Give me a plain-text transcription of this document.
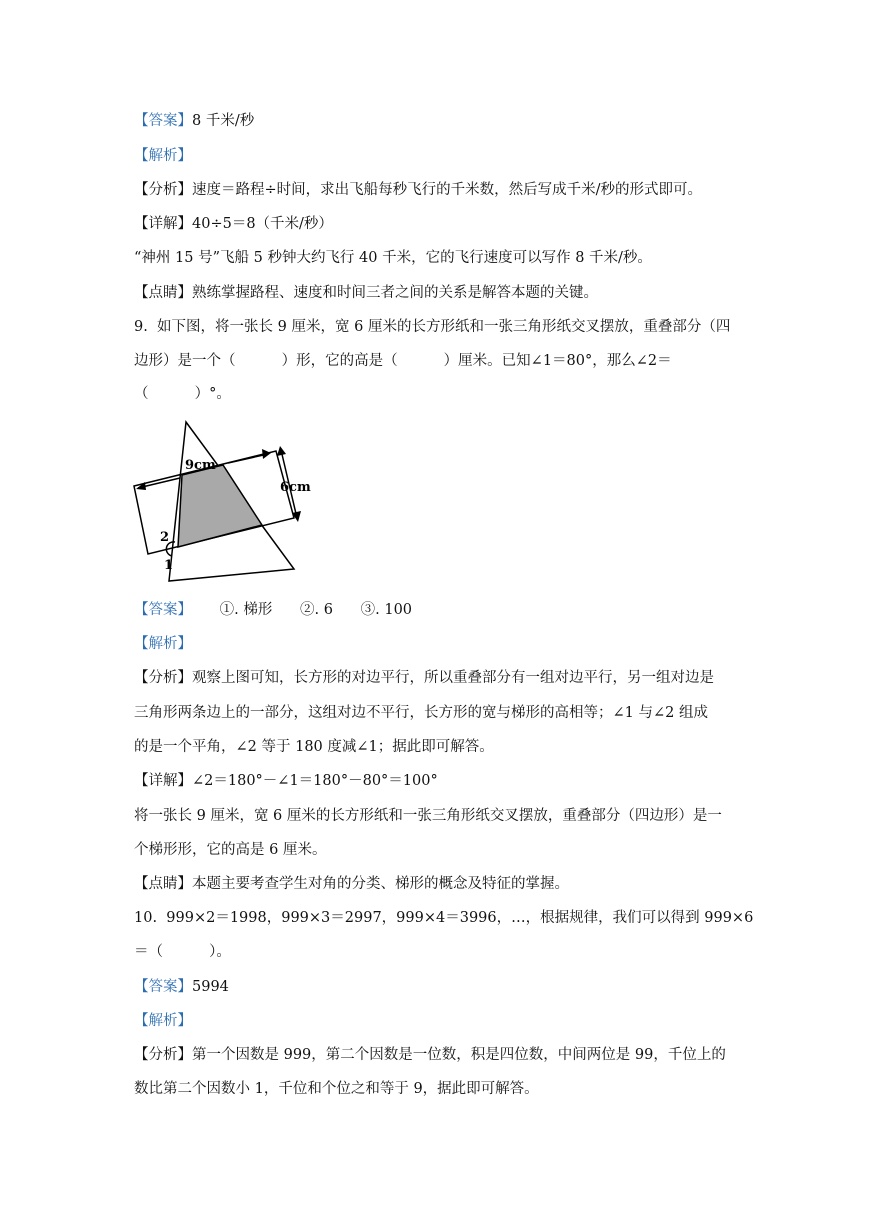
【答案】8 千米/秒
【解析】
【分析】速度＝路程÷时间，求出飞船每秒飞行的千米数，然后写成千米/秒的形式即可。
【详解】40÷5＝8（千米/秒）
“神州 15 号”飞船 5 秒钟大约飞行 40 千米，它的飞行速度可以写作 8 千米/秒。
【点睛】熟练掌握路程、速度和时间三者之间的关系是解答本题的关键。
9.  如下图，将一张长 9 厘米，宽 6 厘米的长方形纸和一张三角形纸交叉摆放，重叠部分（四
边形）是一个（          ）形，它的高是（          ）厘米。已知∠1＝80°，那么∠2＝
（          ）°。
9cm
6cm
2
1
【答案】      ①. 梯形      ②. 6      ③. 100
【解析】
【分析】观察上图可知，长方形的对边平行，所以重叠部分有一组对边平行，另一组对边是
三角形两条边上的一部分，这组对边不平行，长方形的宽与梯形的高相等；∠1 与∠2 组成
的是一个平角，∠2 等于 180 度减∠1；据此即可解答。
【详解】∠2＝180°－∠1＝180°－80°＝100°
将一张长 9 厘米，宽 6 厘米的长方形纸和一张三角形纸交叉摆放，重叠部分（四边形）是一
个梯形形，它的高是 6 厘米。
【点睛】本题主要考查学生对角的分类、梯形的概念及特征的掌握。
10.  999×2＝1998，999×3＝2997，999×4＝3996，…，根据规律，我们可以得到 999×6
＝（          ）。
【答案】5994
【解析】
【分析】第一个因数是 999，第二个因数是一位数，积是四位数，中间两位是 99，千位上的
数比第二个因数小 1，千位和个位之和等于 9，据此即可解答。
